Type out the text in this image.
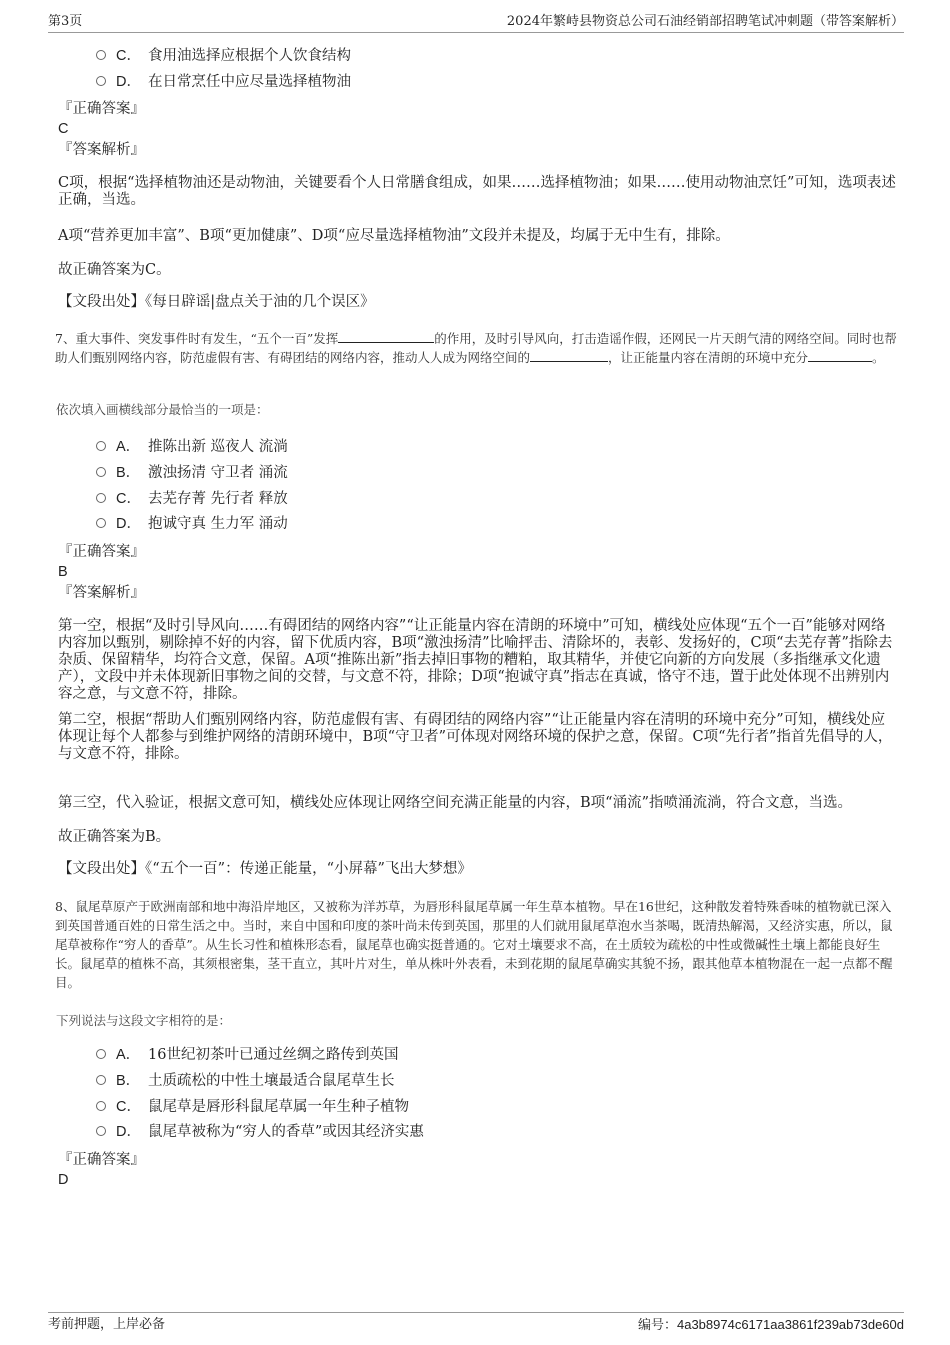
第3页	2024年繁峙县物资总公司石油经销部招聘笔试冲刺题（带答案解析）
C． 食用油选择应根据个人饮食结构
D． 在日常烹任中应尽量选择植物油
『正确答案』
C
『答案解析』
C项，根据“选择植物油还是动物油，关键要看个人日常膳食组成，如果……选择植物油；如果……使用动物油烹饪”可知，选项表述正确，当选。
A项“营养更加丰富”、B项“更加健康”、D项“应尽量选择植物油”文段并未提及，均属于无中生有，排除。
故正确答案为C。
【文段出处】《每日辟谣|盘点关于油的几个误区》
7、重大事件、突发事件时有发生，“五个一百”发挥	的作用，及时引导风向，打击造谣作假，还网民一片天朗气清的网络空间。同时也帮助人们甄别网络内容，防范虚假有害、有碍团结的网络内容，推动人人成为网络空间的	，让正能量内容在清朗的环境中充分	。
依次填入画横线部分最恰当的一项是：
A． 推陈出新 巡夜人 流淌
B． 激浊扬清 守卫者 涌流
C． 去芜存菁 先行者 释放
D． 抱诚守真 生力军 涌动
『正确答案』
B
『答案解析』
第一空，根据“及时引导风向……有碍团结的网络内容”“让正能量内容在清朗的环境中”可知，横线处应体现“五个一百”能够对网络内容加以甄别，剔除掉不好的内容，留下优质内容，B项“激浊扬清”比喻抨击、清除坏的，表彰、发扬好的，C项“去芜存菁”指除去杂质、保留精华，均符合文意，保留。A项“推陈出新”指去掉旧事物的糟粕，取其精华，并使它向新的方向发展（多指继承文化遗产），文段中并未体现新旧事物之间的交替，与文意不符，排除；D项“抱诚守真”指志在真诚，恪守不违，置于此处体现不出辨别内容之意，与文意不符，排除。
第二空，根据“帮助人们甄别网络内容，防范虚假有害、有碍团结的网络内容”“让正能量内容在清明的环境中充分”可知，横线处应体现让每个人都参与到维护网络的清朗环境中，B项“守卫者”可体现对网络环境的保护之意，保留。C项“先行者”指首先倡导的人，与文意不符，排除。
第三空，代入验证，根据文意可知，横线处应体现让网络空间充满正能量的内容，B项“涌流”指喷涌流淌，符合文意，当选。
故正确答案为B。
【文段出处】《“五个一百”：传递正能量，“小屏幕”飞出大梦想》
8、鼠尾草原产于欧洲南部和地中海沿岸地区，又被称为洋苏草，为唇形科鼠尾草属一年生草本植物。早在16世纪，这种散发着特殊香味的植物就已深入到英国普通百姓的日常生活之中。当时，来自中国和印度的茶叶尚未传到英国，那里的人们就用鼠尾草泡水当茶喝，既清热解渴，又经济实惠，所以，鼠尾草被称作“穷人的香草”。从生长习性和植株形态看，鼠尾草也确实挺普通的。它对土壤要求不高，在土质较为疏松的中性或微碱性土壤上都能良好生长。鼠尾草的植株不高，其须根密集，茎干直立，其叶片对生，单从株叶外表看，未到花期的鼠尾草确实其貌不扬，跟其他草本植物混在一起一点都不醒目。
下列说法与这段文字相符的是：
A． 16世纪初茶叶已通过丝绸之路传到英国
B． 土质疏松的中性土壤最适合鼠尾草生长
C． 鼠尾草是唇形科鼠尾草属一年生种子植物
D． 鼠尾草被称为“穷人的香草”或因其经济实惠
『正确答案』
D
考前押题，上岸必备	编号：4a3b8974c6171aa3861f239ab73de60d
